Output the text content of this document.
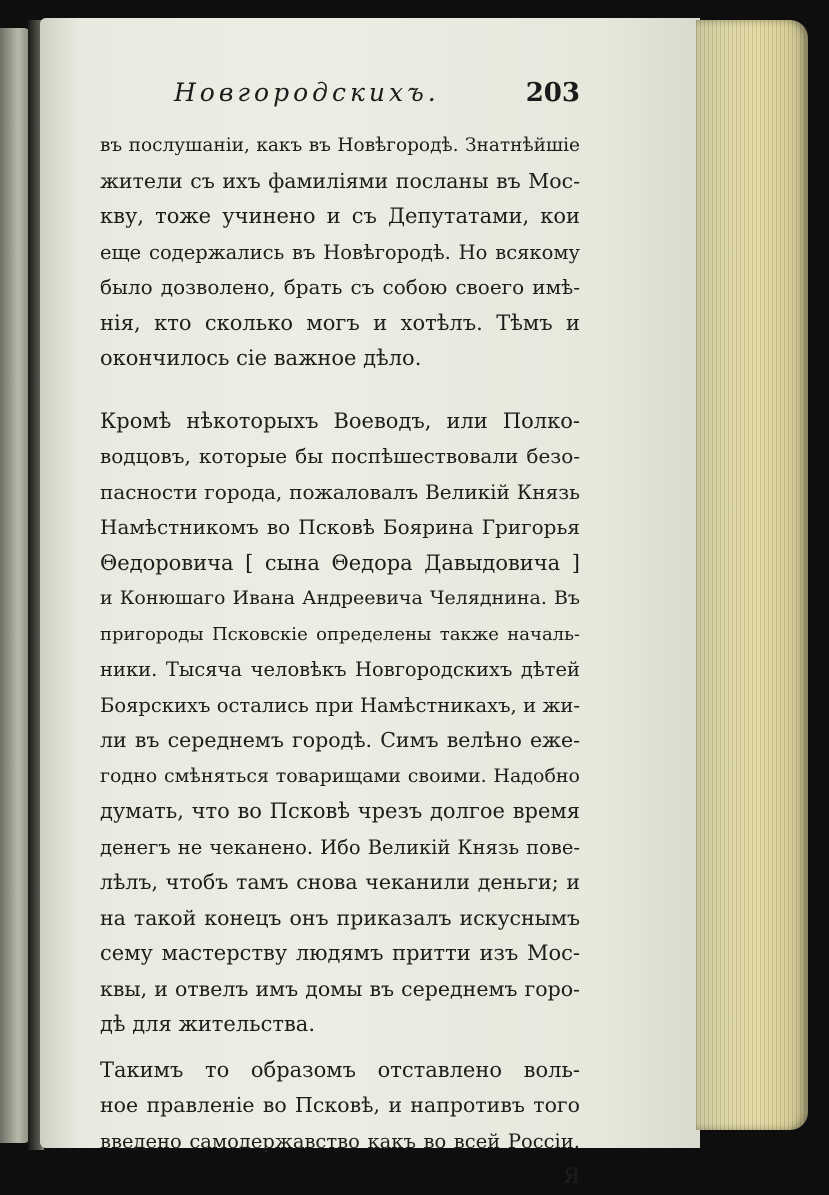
Новгородскихъ.	203
въ послушанiи, какъ въ Новѣгородѣ. Знатнѣйшiе
жители съ ихъ фамилiями посланы въ Мос-
кву, тоже учинено и съ Депутатами, кои
еще содержались въ Новѣгородѣ. Но всякому
было дозволено, брать съ собою своего имѣ-
нiя, кто сколько могъ и хотѣлъ. Тѣмъ и
окончилось сiе важное дѣло.
Кромѣ нѣкоторыхъ Воеводъ, или Полко-
водцовъ, которые бы поспѣшествовали безо-
пасности города, пожаловалъ Великiй Князь
Намѣстникомъ во Псковѣ Боярина Григорья
Θедоровича [ сына Θедора Давыдовича ]
и Конюшаго Ивана Андреевича Челяднина. Въ
пригороды Псковскiе определены также началь-
ники. Тысяча человѣкъ Новгородскихъ дѣтей
Боярскихъ остались при Намѣстникахъ, и жи-
ли въ середнемъ городѣ. Симъ велѣно еже-
годно смѣняться товарищами своими. Надобно
думать, что во Псковѣ чрезъ долгое время
денегъ не чеканено. Ибо Великiй Князь пове-
лѣлъ, чтобъ тамъ снова чеканили деньги; и
на такой конецъ онъ приказалъ искуснымъ
сему мастерству людямъ притти изъ Мос-
квы, и отвелъ имъ домы въ середнемъ горо-
дѣ для жительства.
Такимъ то образомъ отставлено воль-
ное правленiе во Псковѣ, и напротивъ того
введено самодержавство какъ во всей Россiи.
Я
